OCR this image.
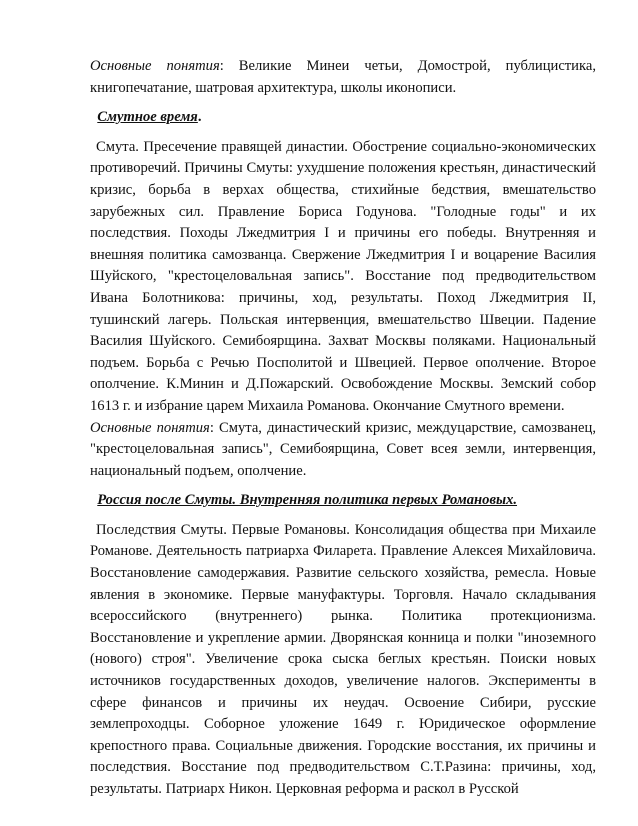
Основные понятия: Великие Минеи четьи, Домострой, публицистика, книгопечатание, шатровая архитектура, школы иконописи.

Смутное время.

Смута. Пресечение правящей династии. Обострение социально-экономических противоречий. Причины Смуты: ухудшение положения крестьян, династический кризис, борьба в верхах общества, стихийные бедствия, вмешательство зарубежных сил. Правление Бориса Годунова. "Голодные годы" и их последствия. Походы Лжедмитрия I и причины его победы. Внутренняя и внешняя политика самозванца. Свержение Лжедмитрия I и воцарение Василия Шуйского, "крестоцеловальная запись". Восстание под предводительством Ивана Болотникова: причины, ход, результаты. Поход Лжедмитрия II, тушинский лагерь. Польская интервенция, вмешательство Швеции. Падение Василия Шуйского. Семибоярщина. Захват Москвы поляками. Национальный подъем. Борьба с Речью Посполитой и Швецией. Первое ополчение. Второе ополчение. К.Минин и Д.Пожарский. Освобождение Москвы. Земский собор 1613 г. и избрание царем Михаила Романова. Окончание Смутного времени.

Основные понятия: Смута, династический кризис, междуцарствие, самозванец, "крестоцеловальная запись", Семибоярщина, Совет всея земли, интервенция, национальный подъем, ополчение.

Россия после Смуты. Внутренняя политика первых Романовых.

Последствия Смуты. Первые Романовы. Консолидация общества при Михаиле Романове. Деятельность патриарха Филарета. Правление Алексея Михайловича. Восстановление самодержавия. Развитие сельского хозяйства, ремесла. Новые явления в экономике. Первые мануфактуры. Торговля. Начало складывания всероссийского (внутреннего) рынка. Политика протекционизма. Восстановление и укрепление армии. Дворянская конница и полки "иноземного (нового) строя". Увеличение срока сыска беглых крестьян. Поиски новых источников государственных доходов, увеличение налогов. Эксперименты в сфере финансов и причины их неудач. Освоение Сибири, русские землепроходцы. Соборное уложение 1649 г. Юридическое оформление крепостного права. Социальные движения. Городские восстания, их причины и последствия. Восстание под предводительством С.Т.Разина: причины, ход, результаты. Патриарх Никон. Церковная реформа и раскол в Русской
